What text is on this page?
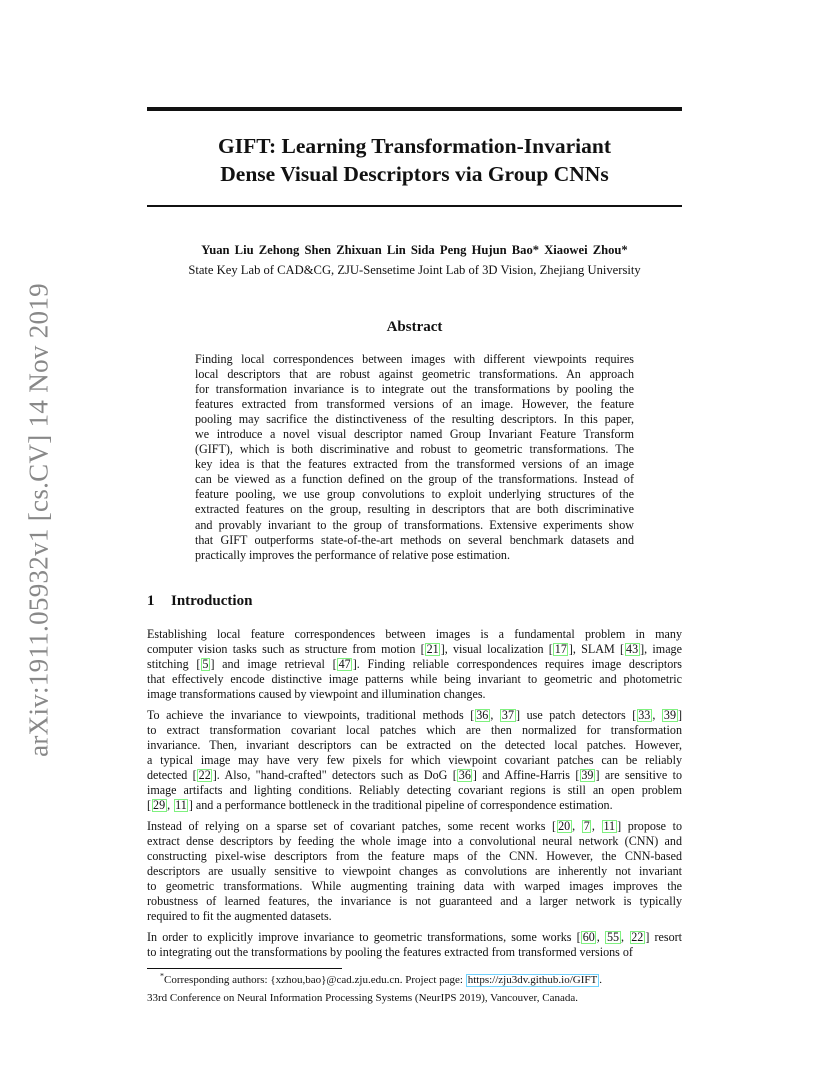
arXiv:1911.05932v1 [cs.CV] 14 Nov 2019
GIFT: Learning Transformation-Invariant
Dense Visual Descriptors via Group CNNs
Yuan Liu Zehong Shen Zhixuan Lin Sida Peng Hujun Bao* Xiaowei Zhou*
State Key Lab of CAD&CG, ZJU-Sensetime Joint Lab of 3D Vision, Zhejiang University
Abstract
Finding local correspondences between images with different viewpoints requires
local descriptors that are robust against geometric transformations. An approach
for transformation invariance is to integrate out the transformations by pooling the
features extracted from transformed versions of an image. However, the feature
pooling may sacrifice the distinctiveness of the resulting descriptors. In this paper,
we introduce a novel visual descriptor named Group Invariant Feature Transform
(GIFT), which is both discriminative and robust to geometric transformations. The
key idea is that the features extracted from the transformed versions of an image
can be viewed as a function defined on the group of the transformations. Instead of
feature pooling, we use group convolutions to exploit underlying structures of the
extracted features on the group, resulting in descriptors that are both discriminative
and provably invariant to the group of transformations. Extensive experiments show
that GIFT outperforms state-of-the-art methods on several benchmark datasets and
practically improves the performance of relative pose estimation.
1 Introduction
Establishing local feature correspondences between images is a fundamental problem in many
computer vision tasks such as structure from motion [ 21 ], visual localization [ 17 ], SLAM [ 43 ], image
stitching [ 5 ] and image retrieval [ 47 ]. Finding reliable correspondences requires image descriptors
that effectively encode distinctive image patterns while being invariant to geometric and photometric
image transformations caused by viewpoint and illumination changes.
To achieve the invariance to viewpoints, traditional methods [ 36 , 37 ] use patch detectors [ 33 , 39 ]
to extract transformation covariant local patches which are then normalized for transformation
invariance. Then, invariant descriptors can be extracted on the detected local patches. However,
a typical image may have very few pixels for which viewpoint covariant patches can be reliably
detected [ 22 ]. Also, "hand-crafted" detectors such as DoG [ 36 ] and Affine-Harris [ 39 ] are sensitive to
image artifacts and lighting conditions. Reliably detecting covariant regions is still an open problem
[ 29 , 11 ] and a performance bottleneck in the traditional pipeline of correspondence estimation.
Instead of relying on a sparse set of covariant patches, some recent works [ 20 , 7 , 11 ] propose to
extract dense descriptors by feeding the whole image into a convolutional neural network (CNN) and
constructing pixel-wise descriptors from the feature maps of the CNN. However, the CNN-based
descriptors are usually sensitive to viewpoint changes as convolutions are inherently not invariant
to geometric transformations. While augmenting training data with warped images improves the
robustness of learned features, the invariance is not guaranteed and a larger network is typically
required to fit the augmented datasets.
In order to explicitly improve invariance to geometric transformations, some works [ 60 , 55 , 22 ] resort
to integrating out the transformations by pooling the features extracted from transformed versions of
*Corresponding authors: {xzhou,bao}@cad.zju.edu.cn. Project page: https://zju3dv.github.io/GIFT .
33rd Conference on Neural Information Processing Systems (NeurIPS 2019), Vancouver, Canada.
